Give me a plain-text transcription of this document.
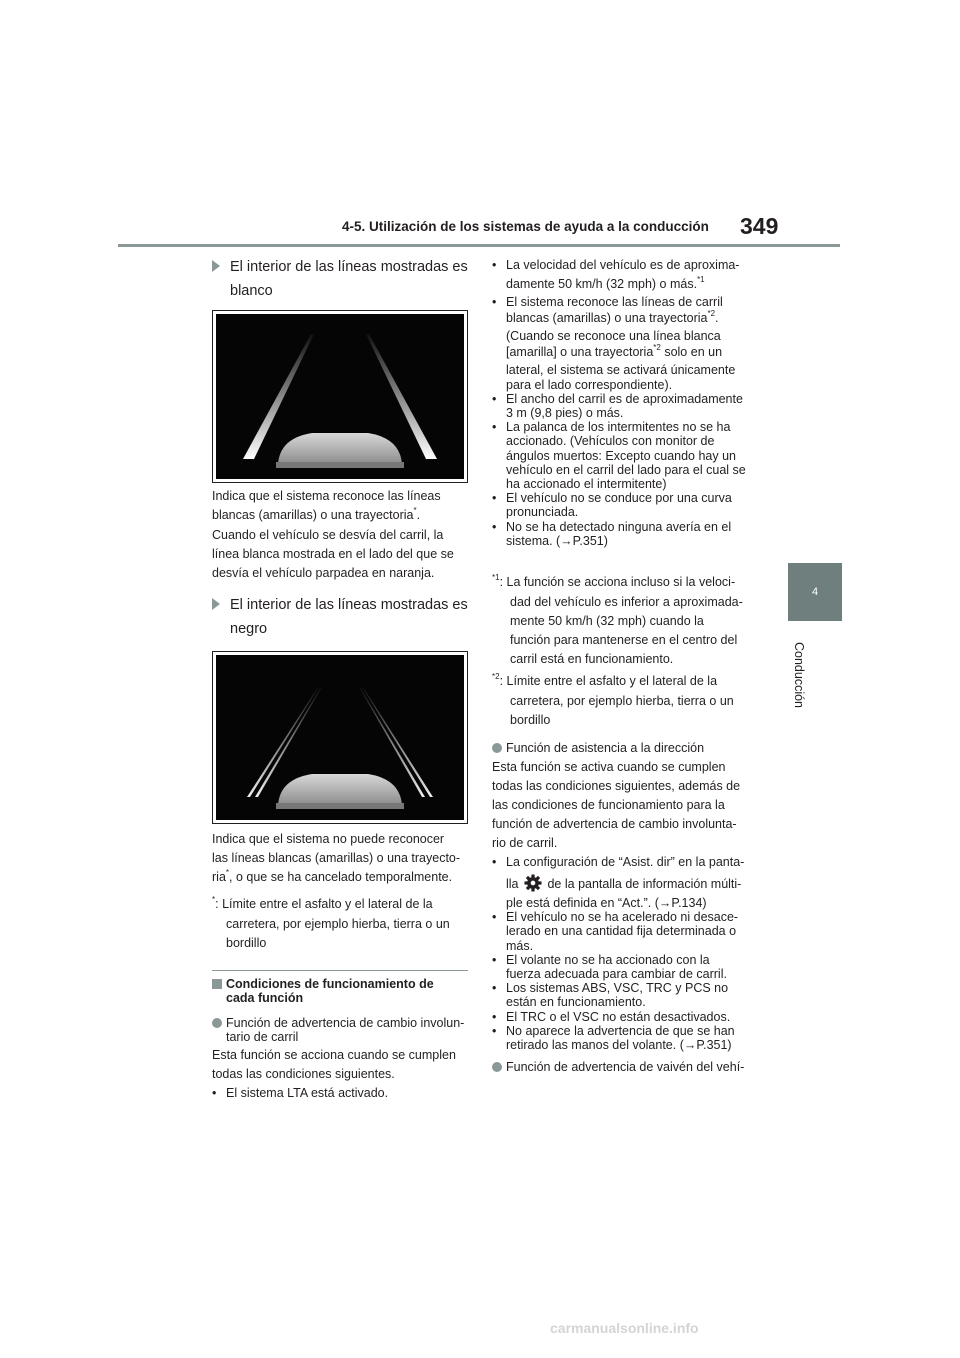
4-5. Utilización de los sistemas de ayuda a la conducción 349
4
Conducción
El interior de las líneas mostradas es
blanco

Indica que el sistema reconoce las líneas

blancas (amarillas) o una trayectoria*.

Cuando el vehículo se desvía del carril, la

línea blanca mostrada en el lado del que se

desvía el vehículo parpadea en naranja.

El interior de las líneas mostradas es
negro

Indica que el sistema no puede reconocer

las líneas blancas (amarillas) o una trayecto-

ria*, o que se ha cancelado temporalmente.

*: Límite entre el asfalto y el lateral de la

carretera, por ejemplo hierba, tierra o un

bordillo

Condiciones de funcionamiento de

cada función

Función de advertencia de cambio involun-

tario de carril

Esta función se acciona cuando se cumplen

todas las condiciones siguientes.

• El sistema LTA está activado.

• La velocidad del vehículo es de aproxima-

damente 50 km/h (32 mph) o más.$^{*1}$

• El sistema reconoce las líneas de carril

blancas (amarillas) o una trayectoria$^{*2}$.

(Cuando se reconoce una línea blanca

[amarilla] o una trayectoria$^{*2}$ solo en un

lateral, el sistema se activará únicamente

para el lado correspondiente).

• El ancho del carril es de aproximadamente

3 m (9,8 pies) o más.

• La palanca de los intermitentes no se ha

accionado. (Vehículos con monitor de

ángulos muertos: Excepto cuando hay un

vehículo en el carril del lado para el cual se

ha accionado el intermitente)

• El vehículo no se conduce por una curva

pronunciada.

• No se ha detectado ninguna avería en el

sistema. (→P.351)

$^{*1}$: La función se acciona incluso si la veloci-

dad del vehículo es inferior a aproximada-

mente 50 km/h (32 mph) cuando la

función para mantenerse en el centro del

carril está en funcionamiento.

$^{*2}$: Límite entre el asfalto y el lateral de la

carretera, por ejemplo hierba, tierra o un

bordillo

Función de asistencia a la dirección

Esta función se activa cuando se cumplen

todas las condiciones siguientes, además de

las condiciones de funcionamiento para la

función de advertencia de cambio involunta-

rio de carril.

• La configuración de “Asist. dir” en la panta-

lla de la pantalla de información múlti-

ple está definida en “Act.”. (→P.134)

• El vehículo no se ha acelerado ni desace-

lerado en una cantidad fija determinada o

más.

• El volante no se ha accionado con la

fuerza adecuada para cambiar de carril.

• Los sistemas ABS, VSC, TRC y PCS no

están en funcionamiento.

• El TRC o el VSC no están desactivados.

• No aparece la advertencia de que se han

retirado las manos del volante. (→P.351)

Función de advertencia de vaivén del vehí-

carmanualsonline.info
